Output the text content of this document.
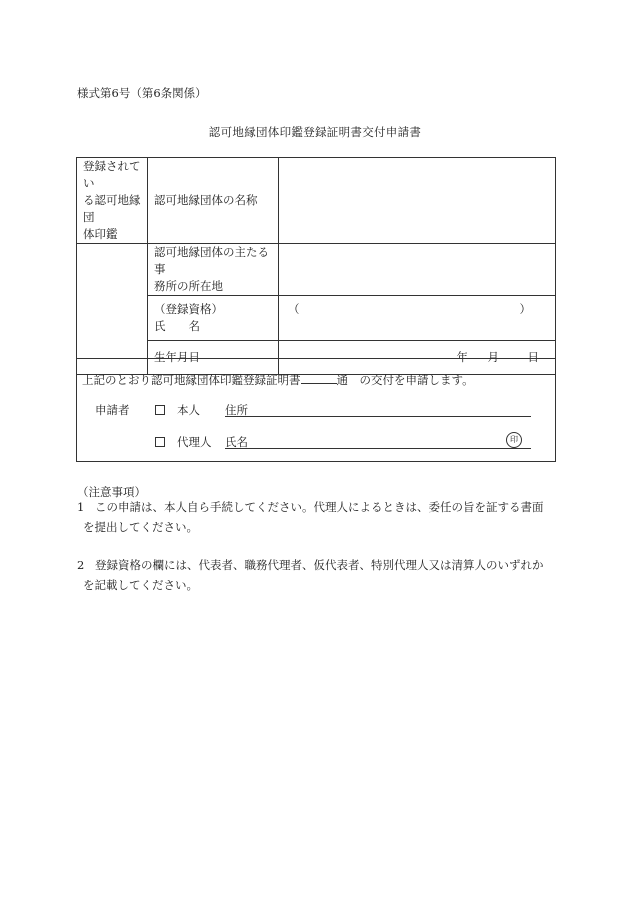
様式第6号（第6条関係）
認可地縁団体印鑑登録証明書交付申請書
登録されてい
る認可地縁団
体印鑑	認可地縁団体の名称	
	認可地縁団体の主たる事
務所の所在地	
	（登録資格）
氏　　名	（ ）

	生年月日	年 月 日
上記のとおり認可地縁団体印鑑登録証明書	通　の交付を申請します。
申請者	本人 住所
代理人 氏名	印
（注意事項）
1 この申請は、本人自ら手続してください。代理人によるときは、委任の旨を証する書面
を提出してください。
2 登録資格の欄には、代表者、職務代理者、仮代表者、特別代理人又は清算人のいずれか
を記載してください。
